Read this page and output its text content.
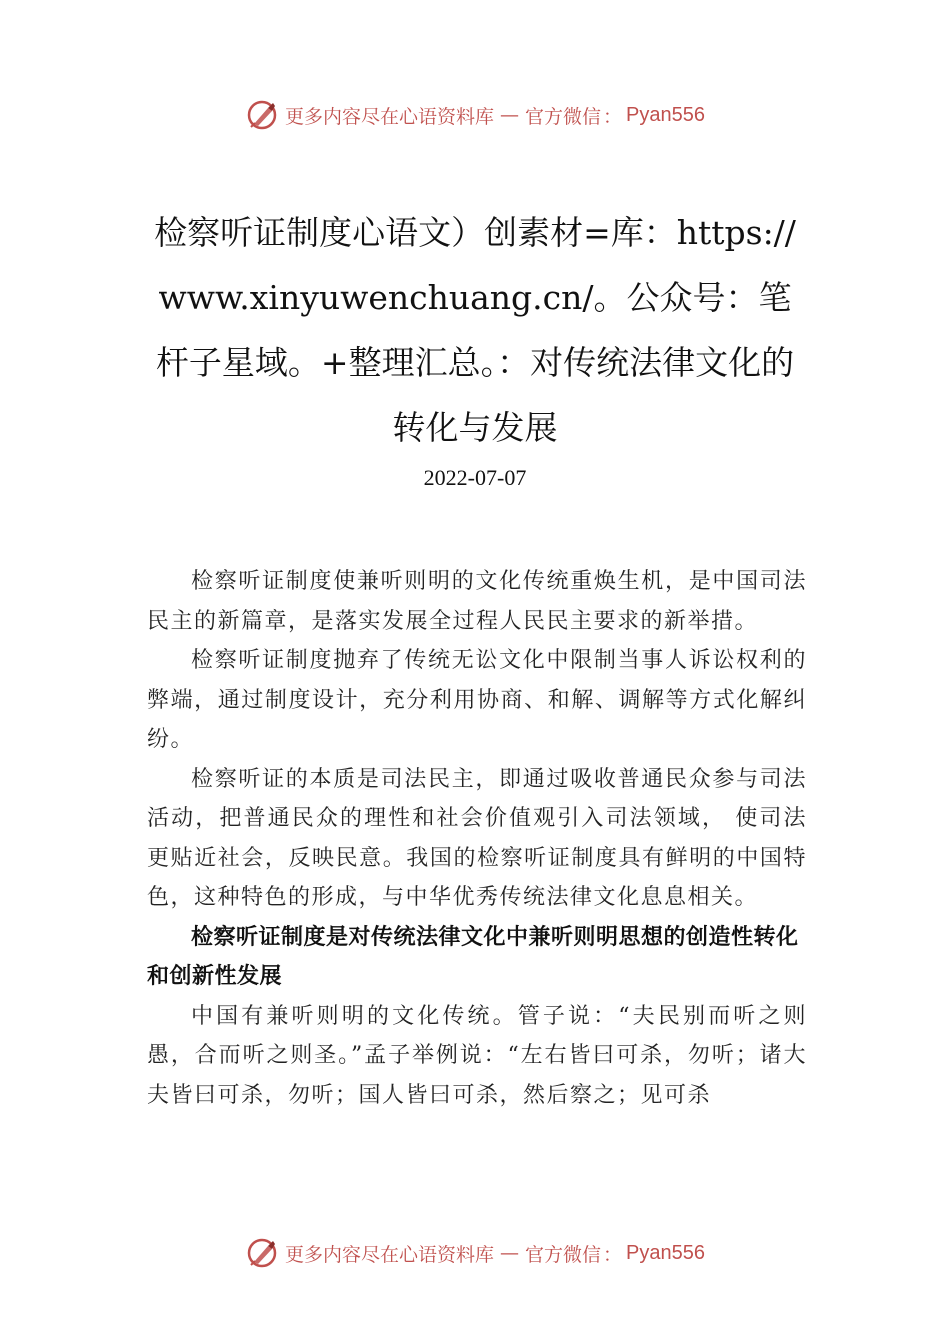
更多内容尽在心语资料库 — 官方微信 ： Pyan556
检察听证制度心语文）创素材=库：https://www.xinyuwenchuang.cn/。公众号：笔杆子星域。+整理汇总。：对传统法律文化的转化与发展
2022-07-07

检察听证制度使兼听则明的文化传统重焕生机，是中国司法民主的新篇章，是落实发展全过程人民民主要求的新举措。

检察听证制度抛弃了传统无讼文化中限制当事人诉讼权利的弊端，通过制度设计，充分利用协商、和解、调解等方式化解纠纷。

检察听证的本质是司法民主，即通过吸收普通民众参与司法活动，把普通民众的理性和社会价值观引入司法领域， 使司法更贴近社会，反映民意。我国的检察听证制度具有鲜明的中国特色，这种特色的形成，与中华优秀传统法律文化息息相关。

检察听证制度是对传统法律文化中兼听则明思想的创造性转化和创新性发展

中国有兼听则明的文化传统。管子说：“夫民别而听之则愚，合而听之则圣。”孟子举例说：“左右皆曰可杀，勿听；诸大夫皆曰可杀，勿听；国人皆曰可杀，然后察之；见可杀

更多内容尽在心语资料库 — 官方微信 ： Pyan556
